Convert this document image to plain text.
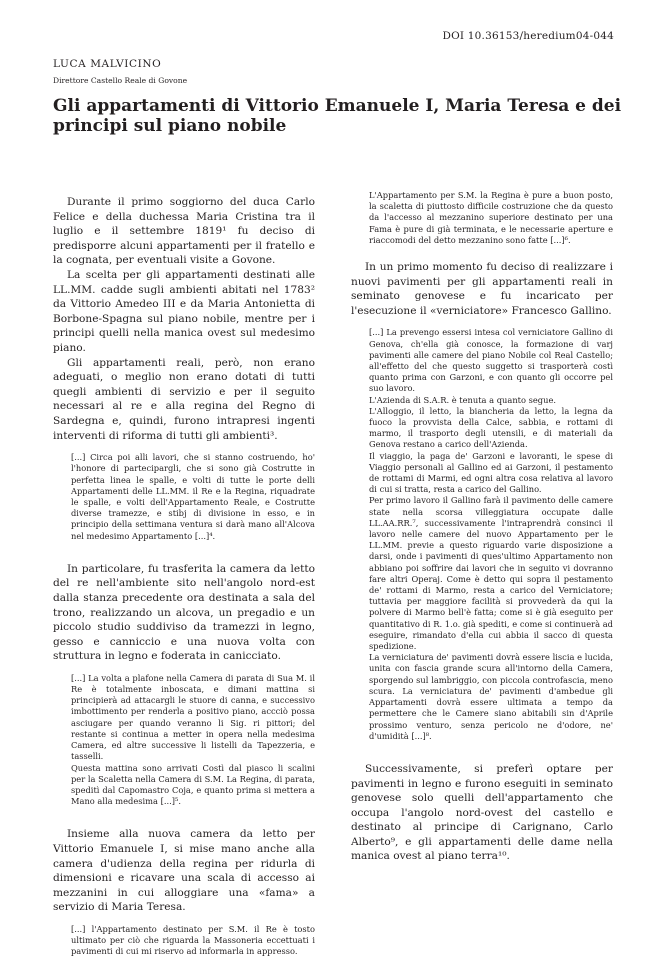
DOI 10.36153/heredium04-044
LUCA MALVICINO
Direttore Castello Reale di Govone
Gli appartamenti di Vittorio Emanuele I, Maria Teresa e dei principi sul piano nobile

Durante il primo soggiorno del duca Carlo Felice e della duchessa Maria Cristina tra il luglio e il settembre 1819¹ fu deciso di predisporre alcuni appartamenti per il fratello e la cognata, per eventuali visite a Govone.

La scelta per gli appartamenti destinati alle LL.MM. cadde sugli ambienti abitati nel 1783² da Vittorio Amedeo III e da Maria Antonietta di Borbone-Spagna sul piano nobile, mentre per i principi quelli nella manica ovest sul medesimo piano.

Gli appartamenti reali, però, non erano adeguati, o meglio non erano dotati di tutti quegli ambienti di servizio e per il seguito necessari al re e alla regina del Regno di Sardegna e, quindi, furono intrapresi ingenti interventi di riforma di tutti gli ambienti³.

[...] Circa poi alli lavori, che si stanno costruendo, ho' l'honore di partecipargli, che si sono già Costrutte in perfetta linea le spalle, e volti di tutte le porte delli Appartamenti delle LL.MM. il Re e la Regina, riquadrate le spalle, e volti dell'Appartamento Reale, e Costrutte diverse tramezze, e stibj di divisione in esso, e in principio della settimana ventura si darà mano all'Alcova nel medesimo Appartamento [...]⁴.

In particolare, fu trasferita la camera da letto del re nell'ambiente sito nell'angolo nord-est dalla stanza precedente ora destinata a sala del trono, realizzando un alcova, un pregadio e un piccolo studio suddiviso da tramezzi in legno, gesso e canniccio e una nuova volta con struttura in legno e foderata in canicciato.

[...] La volta a plafone nella Camera di parata di Sua M. il Re è totalmente inboscata, e dimani mattina si principierà ad attacargli le stuore di canna, e successivo imbottimento per renderla a positivo piano, accciò possa asciugare per quando veranno li Sig. ri pittori; del restante si continua a metter in opera nella medesima Camera, ed altre successive li listelli da Tapezzeria, e tasselli.
Questa mattina sono arrivati Costì dal piasco li scalini per la Scaletta nella Camera di S.M. La Regina, di parata, speditì dal Capomastro Coja, e quanto prima si mettera a Mano alla medesima [...]⁵.

Insieme alla nuova camera da letto per Vittorio Emanuele I, si mise mano anche alla camera d'udienza della regina per ridurla di dimensioni e ricavare una scala di accesso ai mezzanini in cui alloggiare una «fama» a servizio di Maria Teresa.

[...] l'Appartamento destinato per S.M. il Re è tosto ultimato per ciò che riguarda la Massoneria eccettuati i pavimenti di cui mi riservo ad informarla in appresso.

L'Appartamento per S.M. la Regina è pure a buon posto, la scaletta di piuttosto difficile costruzione che da questo da l'accesso al mezzanino superiore destinato per una Fama è pure di già terminata, e le necessarie aperture e riaccomodi del detto mezzanino sono fatte [...]⁶.

In un primo momento fu deciso di realizzare i nuovi pavimenti per gli appartamenti reali in seminato genovese e fu incaricato per l'esecuzione il «verniciatore» Francesco Gallino.

[...] La prevengo essersi intesa col verniciatore Gallino di Genova, ch'ella già conosce, la formazione di varj pavimenti alle camere del piano Nobile col Real Castello; all'effetto del che questo suggetto si trasporterà costì quanto prima con Garzoni, e con quanto gli occorre pel suo lavoro.
L'Azienda di S.A.R. è tenuta a quanto segue.
L'Alloggio, il letto, la biancheria da letto, la legna da fuoco la provvista della Calce, sabbia, e rottami di marmo, il trasporto degli utensili, e di materiali da Genova restano a carico dell'Azienda.
Il viaggio, la paga de' Garzoni e lavoranti, le spese di Viaggio personali al Gallino ed ai Garzoni, il pestamento de rottami di Marmi, ed ogni altra cosa relativa al lavoro di cui si tratta, resta a carico del Gallino.
Per primo lavoro il Gallino farà il pavimento delle camere state nella scorsa villeggiatura occupate dalle LL.AA.RR.⁷, successivamente l'intraprendrà consinci il lavoro nelle camere del nuovo Appartamento per le LL.MM. previe a questo riguardo varie disposizione a darsi, onde i pavimenti di ques'ultimo Appartamento non abbiano poi soffrire dai lavori che in seguito vi dovranno fare altri Operaj. Come è detto qui sopra il pestamento de' rottami di Marmo, resta a carico del Verniciatore; tuttavia per maggiore facilità si provvederà da qui la polvere di Marmo bell'è fatta; come si è già eseguito per quantitativo di R. 1.o. già spediti, e come si continuerà ad eseguire, rimandato d'ella cui abbia il sacco di questa spedizione.
La verniciatura de' pavimenti dovrà essere liscia e lucida, unita con fascia grande scura all'intorno della Camera, sporgendo sul lambriggio, con piccola controfascia, meno scura. La verniciatura de' pavimenti d'ambedue gli Appartamenti dovrà essere ultimata a tempo da permettere che le Camere siano abitabili sin d'Aprile prossimo venturo, senza pericolo ne d'odore, ne' d'umidità [...]⁸.

Successivamente, si preferì optare per pavimenti in legno e furono eseguiti in seminato genovese solo quelli dell'appartamento che occupa l'angolo nord-ovest del castello e destinato al principe di Carignano, Carlo Alberto⁹, e gli appartamenti delle dame nella manica ovest al piano terra¹⁰.
